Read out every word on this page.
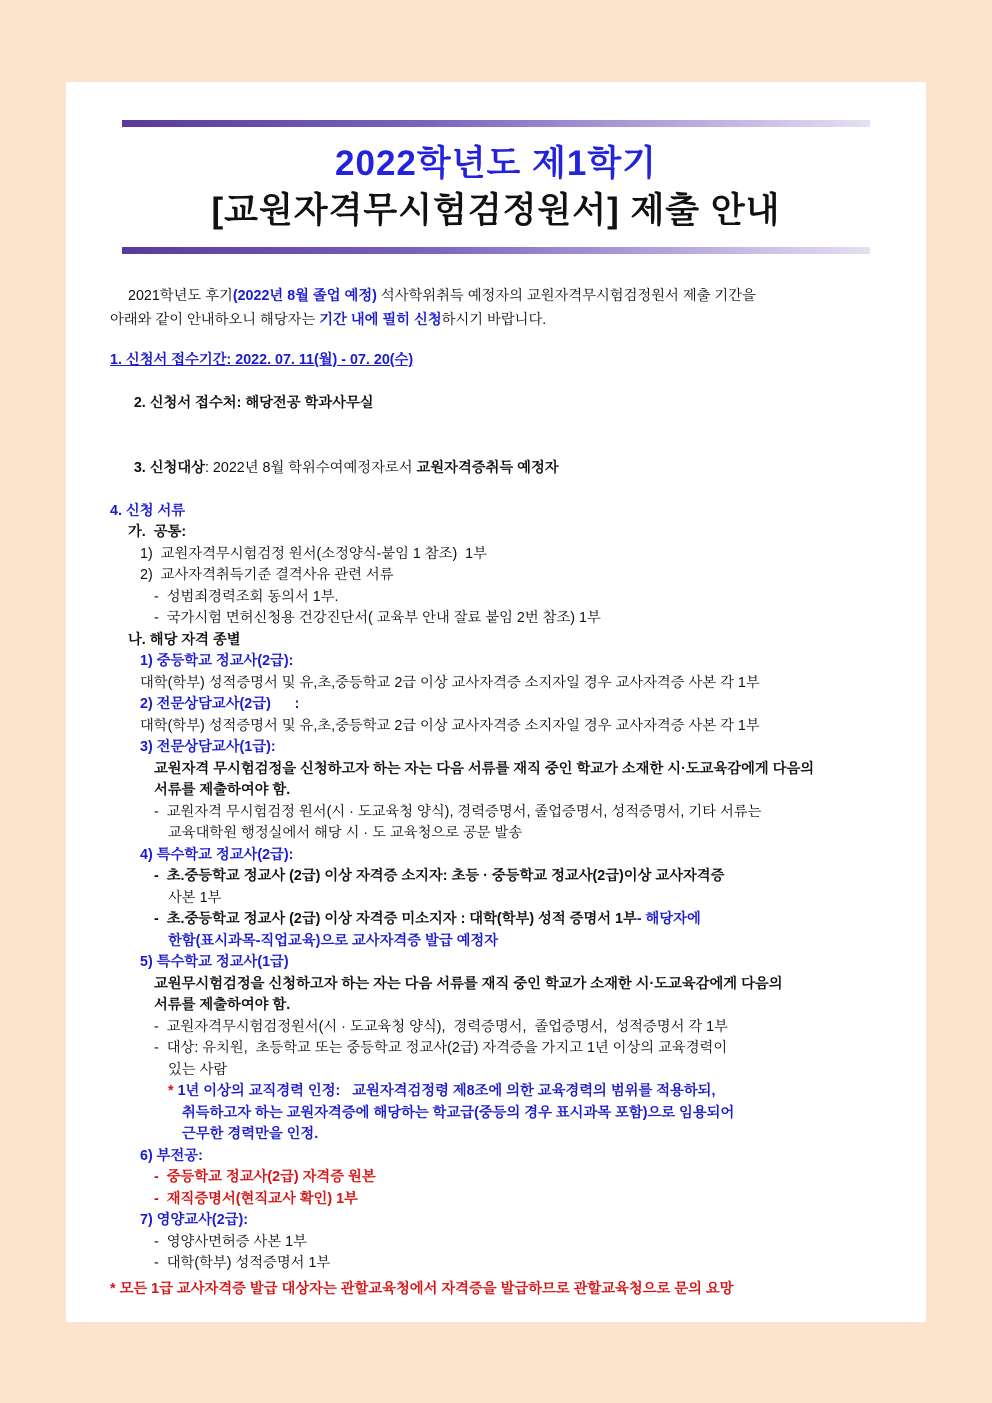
2022학년도 제1학기
[교원자격무시험검정원서] 제출 안내
2021학년도 후기(2022년 8월 졸업 예정) 석사학위취득 예정자의 교원자격무시험검정원서 제출 기간을
아래와 같이 안내하오니 해당자는 기간 내에 필히 신청하시기 바랍니다.
1. 신청서 접수기간: 2022. 07. 11(월) - 07. 20(수)

2. 신청서 접수처: 해당전공 학과사무실

3. 신청대상: 2022년 8월 학위수여예정자로서 교원자격증취득 예정자

4. 신청 서류
가.  공통:
1)  교원자격무시험검정 원서(소정양식-붙임 1 참조)  1부
2)  교사자격취득기준 결격사유 관련 서류
-  성범죄경력조회 동의서 1부.
-  국가시험 면허신청용 건강진단서( 교육부 안내 잘료 붙임 2번 참조) 1부
나. 해당 자격 종별
1) 중등학교 정교사(2급):
대학(학부) 성적증명서 및 유,초,중등학교 2급 이상 교사자격증 소지자일 경우 교사자격증 사본 각 1부
2) 전문상담교사(2급)      :
대학(학부) 성적증명서 및 유,초,중등학교 2급 이상 교사자격증 소지자일 경우 교사자격증 사본 각 1부
3) 전문상담교사(1급):
교원자격 무시험검정을 신청하고자 하는 자는 다음 서류를 재직 중인 학교가 소재한 시·도교육감에게 다음의
서류를 제출하여야 함.
-  교원자격 무시험검정 원서(시 · 도교육청 양식), 경력증명서, 졸업증명서, 성적증명서, 기타 서류는
교육대학원 행정실에서 해당 시 · 도 교육청으로 공문 발송
4) 특수학교 정교사(2급):
-  초.중등학교 정교사 (2급) 이상 자격증 소지자: 초등 · 중등학교 정교사(2급)이상 교사자격증
사본 1부
-  초.중등학교 정교사 (2급) 이상 자격증 미소지자 : 대학(학부) 성적 증명서 1부- 해당자에
한함(표시과목-직업교육)으로 교사자격증 발급 예정자
5) 특수학교 정교사(1급)
교원무시험검정을 신청하고자 하는 자는 다음 서류를 재직 중인 학교가 소재한 시·도교육감에게 다음의
서류를 제출하여야 함.
-  교원자격무시험검정원서(시 · 도교육청 양식),  경력증명서,  졸업증명서,  성적증명서 각 1부
-  대상: 유치원,  초등학교 또는 중등학교 정교사(2급) 자격증을 가지고 1년 이상의 교육경력이
있는 사람
* 1년 이상의 교직경력 인정:   교원자격검정령 제8조에 의한 교육경력의 범위를 적용하되,
취득하고자 하는 교원자격증에 해당하는 학교급(중등의 경우 표시과목 포함)으로 임용되어
근무한 경력만을 인정.
6) 부전공:
-  중등학교 정교사(2급) 자격증 원본
-  재직증명서(현직교사 확인) 1부
7) 영양교사(2급):
-  영양사면허증 사본 1부
-  대학(학부) 성적증명서 1부
* 모든 1급 교사자격증 발급 대상자는 관할교육청에서 자격증을 발급하므로 관할교육청으로 문의 요망
